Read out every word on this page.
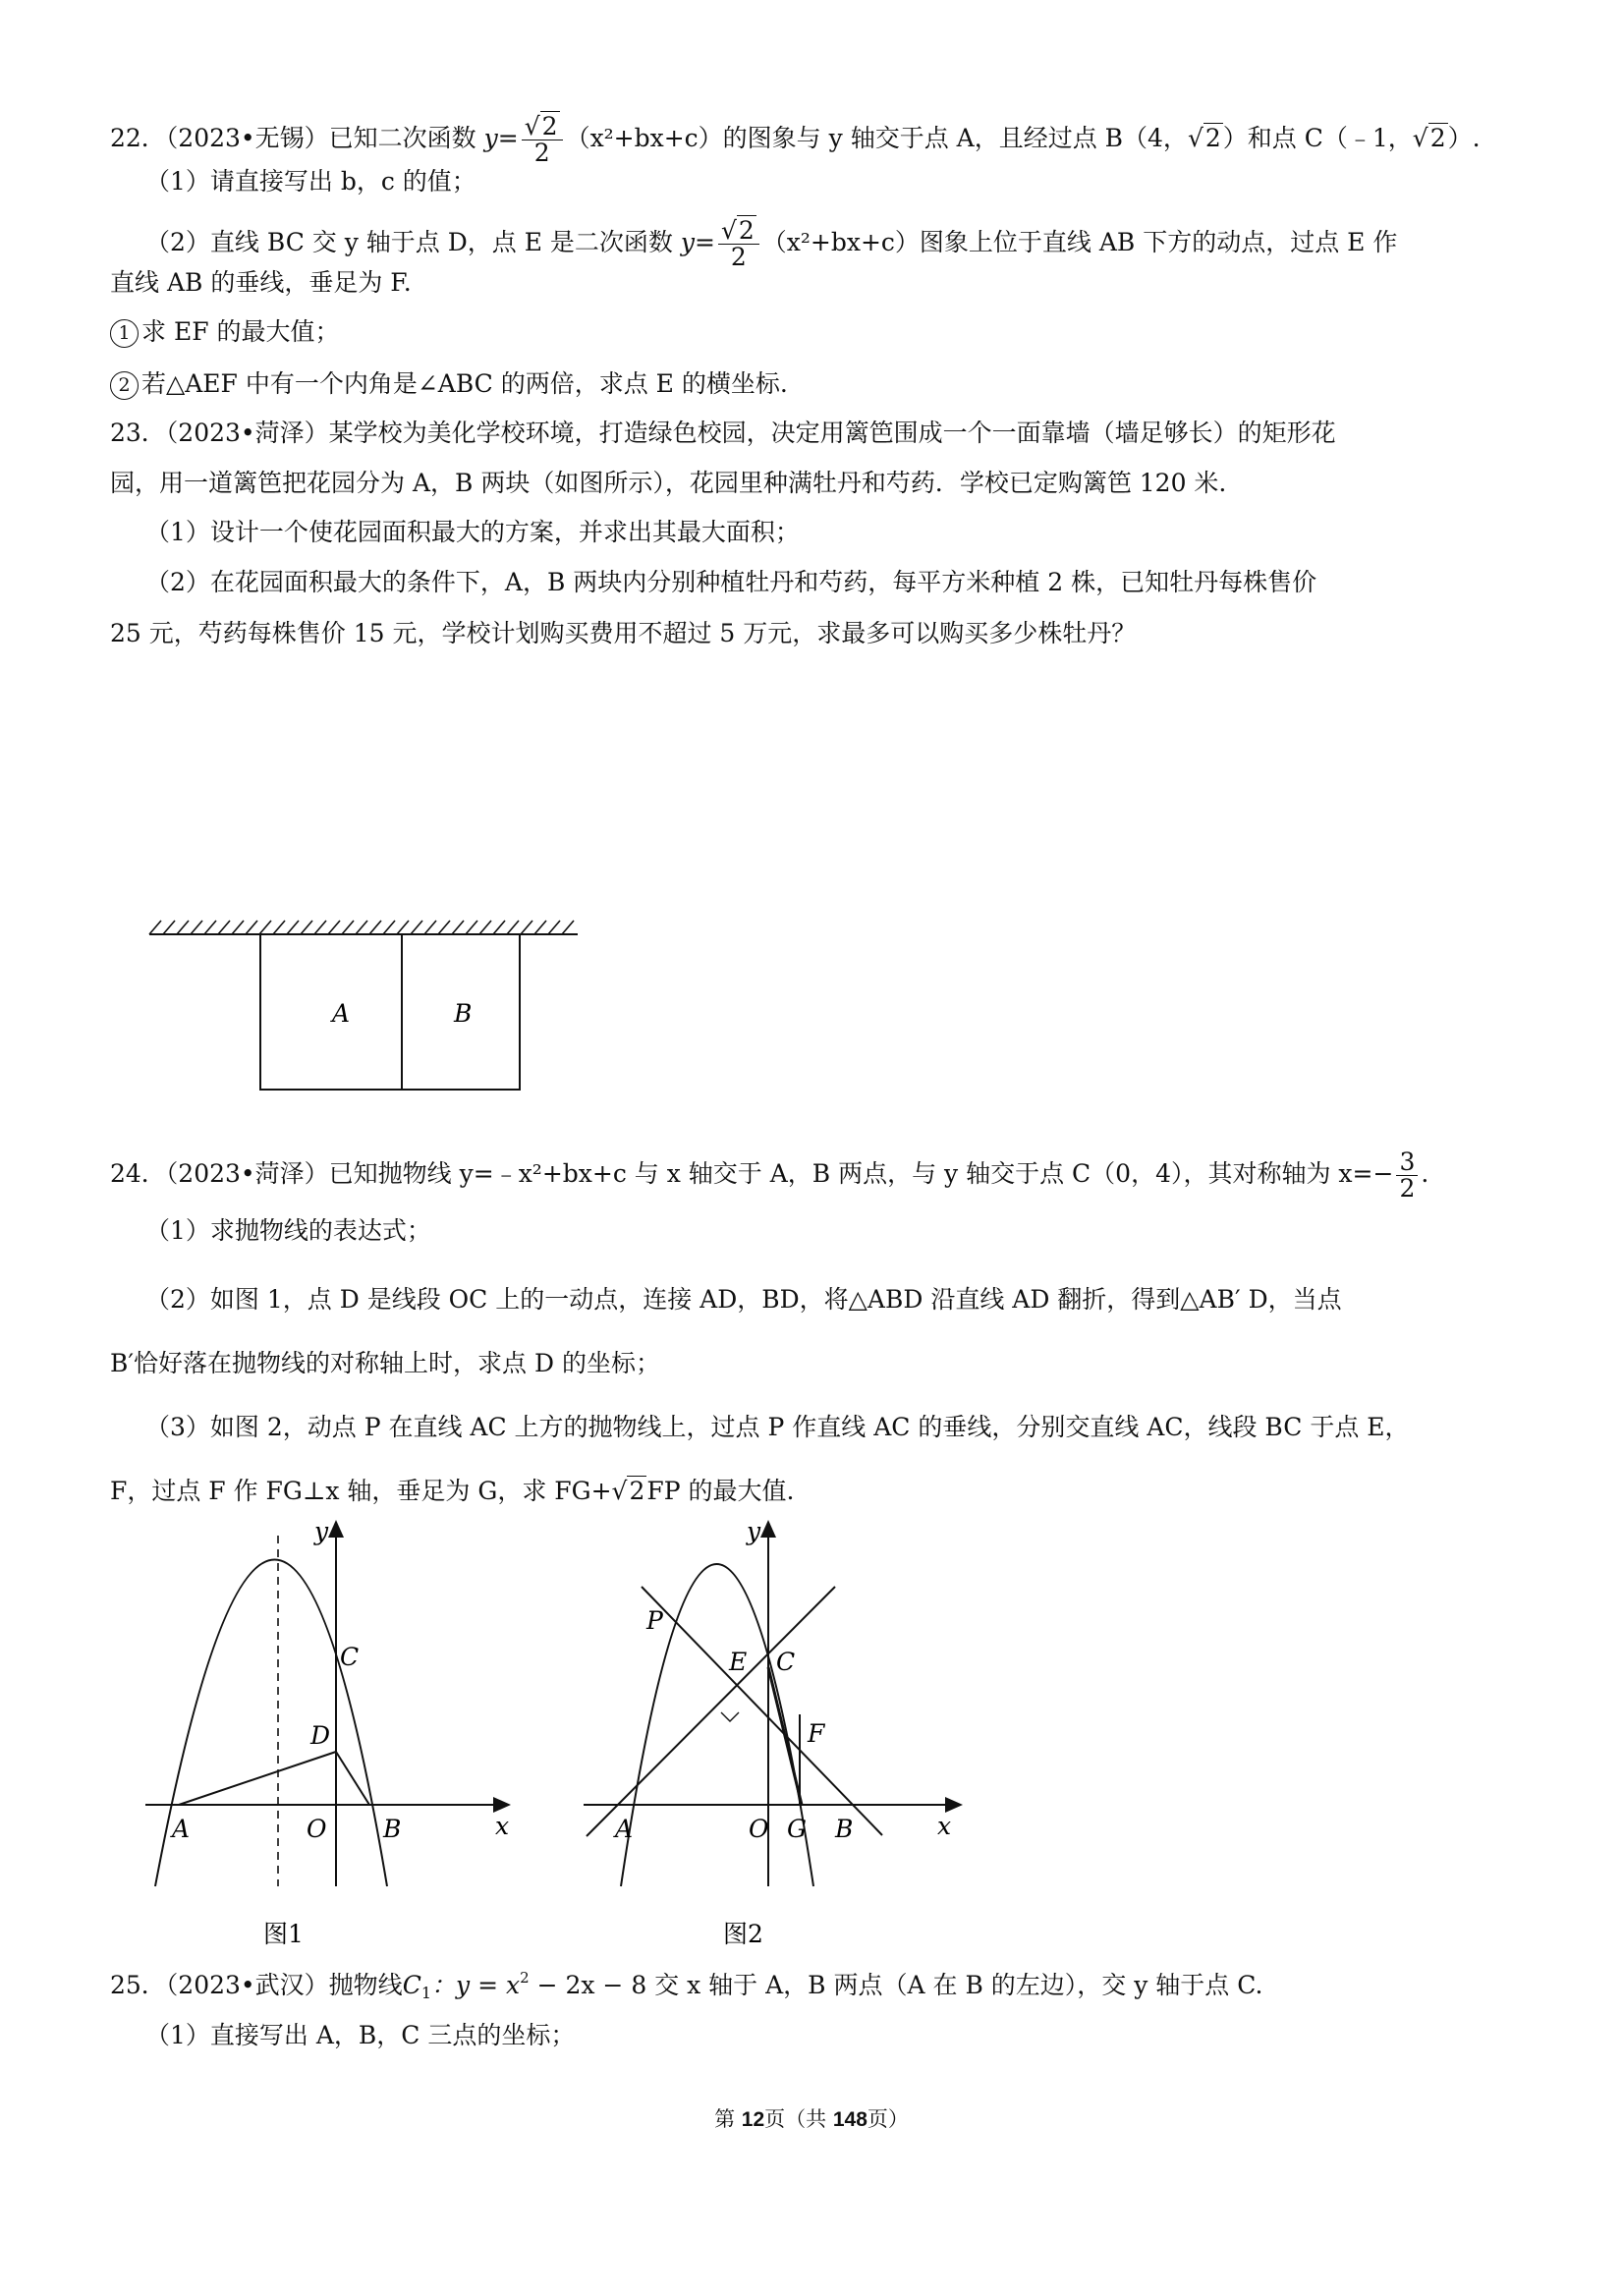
22．（2023•无锡）已知二次函数 $y= \frac{√2}{2} (x^2+bx+c)$的图象与 y 轴交于点 A，且经过点 B（4，√2）和点 C（﹣1，√2）.
（1）请直接写出 b，c 的值；
（2）直线 BC 交 y 轴于点 D，点 E 是二次函数 $y= \frac{√2}{2} (x^2+bx+c)$图象上位于直线 AB 下方的动点，过点 E 作
直线 AB 的垂线，垂足为 F.
1 求 EF 的最大值；
2 若△AEF 中有一个内角是∠ABC 的两倍，求点 E 的横坐标.
23．（2023•菏泽）某学校为美化学校环境，打造绿色校园，决定用篱笆围成一个一面靠墙（墙足够长）的矩形花
园，用一道篱笆把花园分为 A，B 两块（如图所示），花园里种满牡丹和芍药．学校已定购篱笆 120 米.
（1）设计一个使花园面积最大的方案，并求出其最大面积；
（2）在花园面积最大的条件下，A，B 两块内分别种植牡丹和芍药，每平方米种植 2 株，已知牡丹每株售价
25 元，芍药每株售价 15 元，学校计划购买费用不超过 5 万元，求最多可以购买多少株牡丹？
A	B
24．（2023•菏泽）已知抛物线 y=﹣x²+bx+c 与 x 轴交于 A，B 两点，与 y 轴交于点 C（0，4），其对称轴为 $x=- \frac{3}{2}$ .
（1）求抛物线的表达式；
（2）如图 1，点 D 是线段 OC 上的一动点，连接 AD，BD，将△ABD 沿直线 AD 翻折，得到△AB′ D，当点
B′恰好落在抛物线的对称轴上时，求点 D 的坐标；
（3）如图 2，动点 P 在直线 AC 上方的抛物线上，过点 P 作直线 AC 的垂线，分别交直线 AC，线段 BC 于点 E，
F，过点 F 作 FG⊥x 轴，垂足为 G，求 FG+√2FP 的最大值.
A	O B
C
D
y
x
图1
P
E C
F
A	O G B
y
x
图2
25．（2023•武汉）抛物线$C_1$：$y = x^2 - 2x - 8$ 交 x 轴于 A，B 两点（A 在 B 的左边），交 y 轴于点 C.
（1）直接写出 A，B，C 三点的坐标；
第 12页（共 148页）
